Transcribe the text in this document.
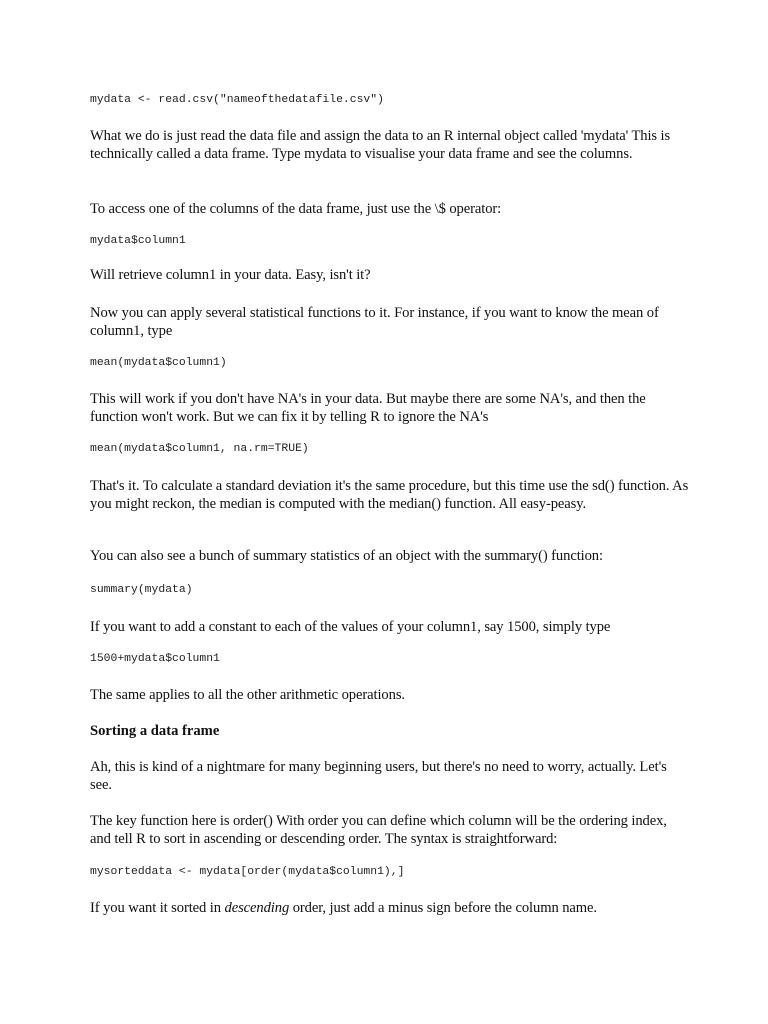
mydata <- read.csv("nameofthedatafile.csv")

What we do is just read the data file and assign the data to an R internal object called 'mydata' This is technically called a data frame. Type mydata to visualise your data frame and see the columns.

To access one of the columns of the data frame, just use the \$ operator:

mydata$column1

Will retrieve column1 in your data. Easy, isn't it?

Now you can apply several statistical functions to it. For instance, if you want to know the mean of column1, type

mean(mydata$column1)

This will work if you don't have NA's in your data. But maybe there are some NA's, and then the function won't work. But we can fix it by telling R to ignore the NA's

mean(mydata$column1, na.rm=TRUE)

That's it. To calculate a standard deviation it's the same procedure, but this time use the sd() function. As you might reckon, the median is computed with the median() function. All easy-peasy.

You can also see a bunch of summary statistics of an object with the summary() function:

summary(mydata)

If you want to add a constant to each of the values of your column1, say 1500, simply type

1500+mydata$column1

The same applies to all the other arithmetic operations.

Sorting a data frame

Ah, this is kind of a nightmare for many beginning users, but there's no need to worry, actually. Let's see.

The key function here is order() With order you can define which column will be the ordering index, and tell R to sort in ascending or descending order. The syntax is straightforward:

mysorteddata <- mydata[order(mydata$column1),]

If you want it sorted in descending order, just add a minus sign before the column name.
